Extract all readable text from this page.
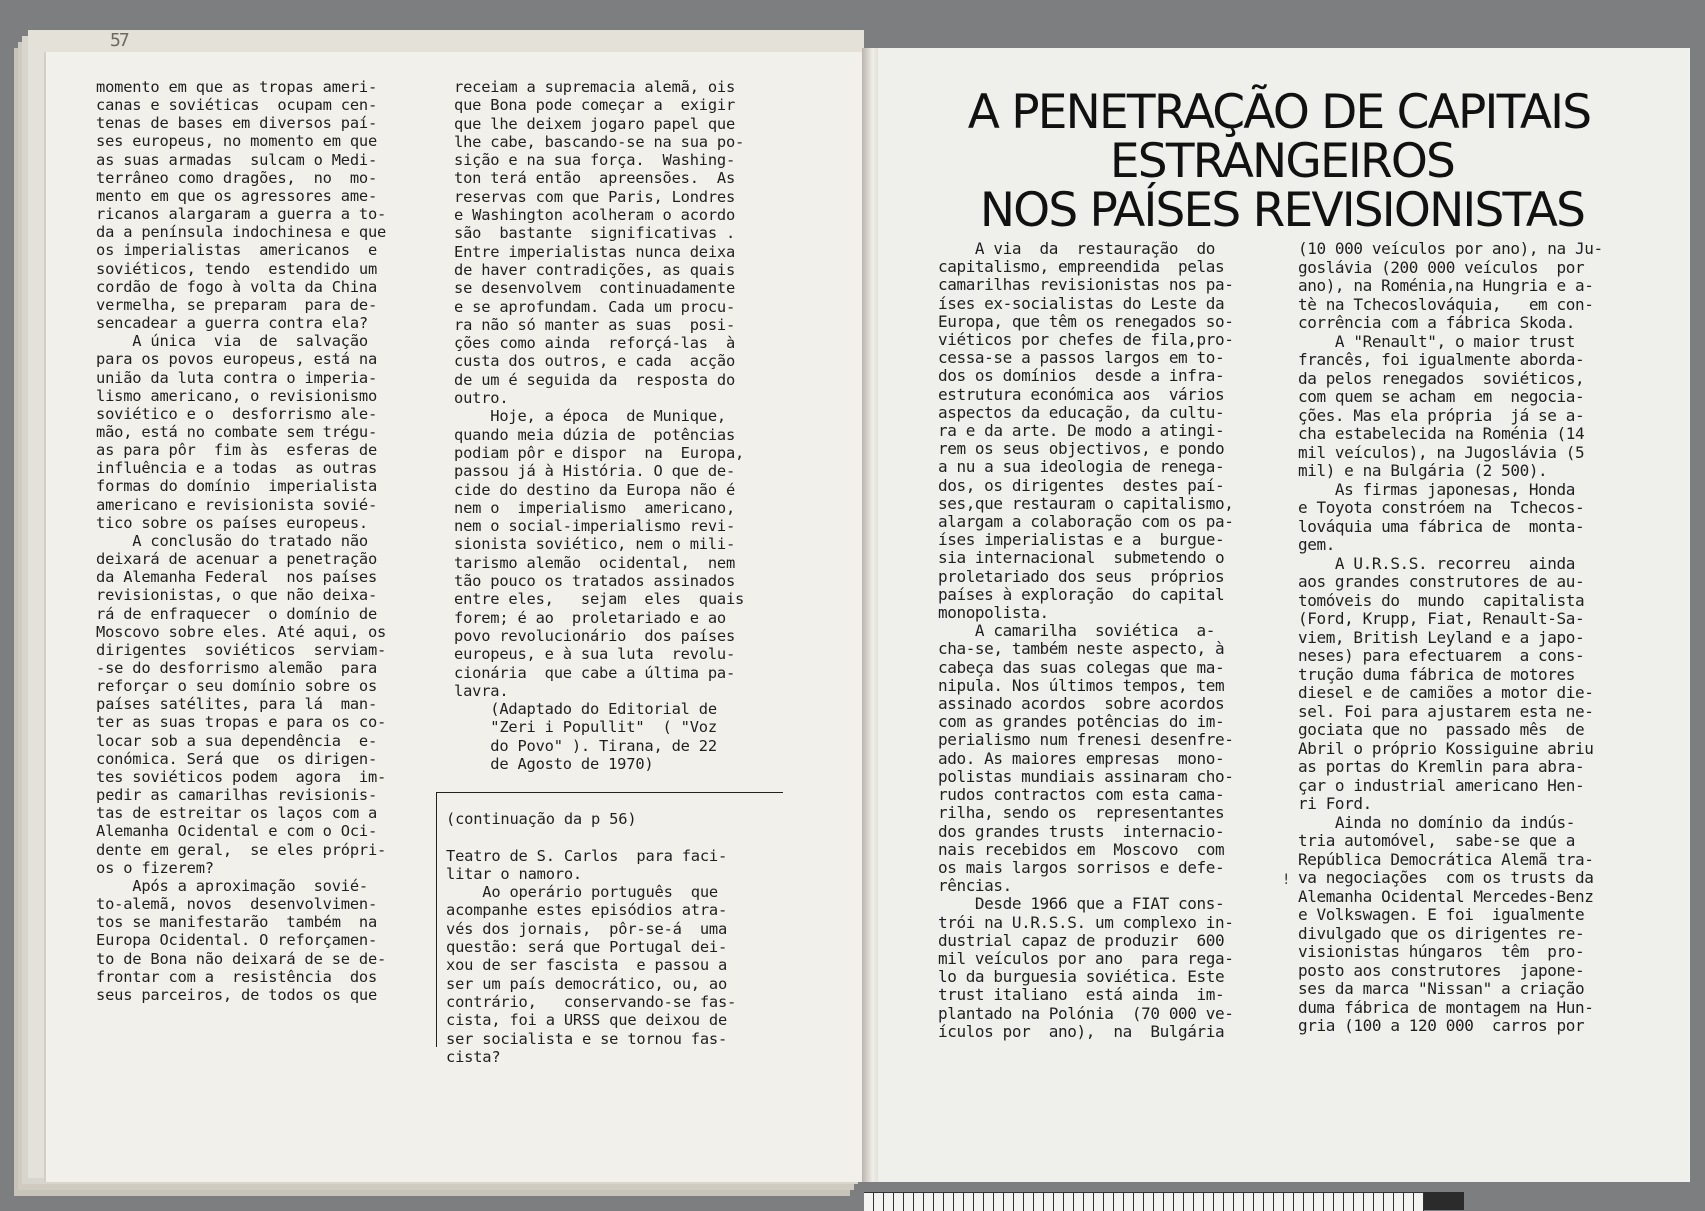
57
momento em que as tropas ameri-
canas e soviéticas  ocupam cen-
tenas de bases em diversos paí-
ses europeus, no momento em que
as suas armadas  sulcam o Medi-
terrâneo como dragões,  no  mo-
mento em que os agressores ame-
ricanos alargaram a guerra a to-
da a península indochinesa e que
os imperialistas  americanos  e
soviéticos, tendo  estendido um
cordão de fogo à volta da China
vermelha, se preparam  para de-
sencadear a guerra contra ela?
A única  via  de  salvação
para os povos europeus, está na
união da luta contra o imperia-
lismo americano, o revisionismo
soviético e o  desforrismo ale-
mão, está no combate sem trégu-
as para pôr  fim às  esferas de
influência e a todas  as outras
formas do domínio  imperialista
americano e revisionista sovié-
tico sobre os países europeus.
A conclusão do tratado não
deixará de acenuar a penetração
da Alemanha Federal  nos países
revisionistas, o que não deixa-
rá de enfraquecer  o domínio de
Moscovo sobre eles. Até aqui, os
dirigentes  soviéticos  serviam-
-se do desforrismo alemão  para
reforçar o seu domínio sobre os
países satélites, para lá  man-
ter as suas tropas e para os co-
locar sob a sua dependência  e-
conómica. Será que  os dirigen-
tes soviéticos podem  agora  im-
pedir as camarilhas revisionis-
tas de estreitar os laços com a
Alemanha Ocidental e com o Oci-
dente em geral,  se eles própri-
os o fizerem?
Após a aproximação  sovié-
to-alemã, novos  desenvolvimen-
tos se manifestarão  também  na
Europa Ocidental. O reforçamen-
to de Bona não deixará de se de-
frontar com a  resistência  dos
seus parceiros, de todos os que
receiam a supremacia alemã, ois
que Bona pode começar a  exigir
que lhe deixem jogaro papel que
lhe cabe, bascando-se na sua po-
sição e na sua força.  Washing-
ton terá então  apreensões.  As
reservas com que Paris, Londres
e Washington acolheram o acordo
são  bastante  significativas .
Entre imperialistas nunca deixa
de haver contradições, as quais
se desenvolvem  continuadamente
e se aprofundam. Cada um procu-
ra não só manter as suas  posi-
ções como ainda  reforçá-las  à
custa dos outros, e cada  acção
de um é seguida da  resposta do
outro.
Hoje, a época  de Munique,
quando meia dúzia de  potências
podiam pôr e dispor  na  Europa,
passou já à História. O que de-
cide do destino da Europa não é
nem o  imperialismo  americano,
nem o social-imperialismo revi-
sionista soviético, nem o mili-
tarismo alemão  ocidental,  nem
tão pouco os tratados assinados
entre eles,   sejam  eles  quais
forem; é ao  proletariado e ao
povo revolucionário  dos países
europeus, e à sua luta  revolu-
cionária  que cabe a última pa-
lavra.
(Adaptado do Editorial de
"Zeri i Popullit"  ( "Voz
do Povo" ). Tirana, de 22
de Agosto de 1970)
(continuação da p 56)

Teatro de S. Carlos  para faci-
litar o namoro.
Ao operário português  que
acompanhe estes episódios atra-
vés dos jornais,  pôr-se-á  uma
questão: será que Portugal dei-
xou de ser fascista  e passou a
ser um país democrático, ou, ao
contrário,   conservando-se fas-
cista, foi a URSS que deixou de
ser socialista e se tornou fas-
cista?
A PENETRAÇÃO DE CAPITAIS
ESTRANGEIROS
NOS PAÍSES REVISIONISTAS
A via  da  restauração  do
capitalismo, empreendida  pelas
camarilhas revisionistas nos pa-
íses ex-socialistas do Leste da
Europa, que têm os renegados so-
viéticos por chefes de fila,pro-
cessa-se a passos largos em to-
dos os domínios  desde a infra-
estrutura económica aos  vários
aspectos da educação, da cultu-
ra e da arte. De modo a atingi-
rem os seus objectivos, e pondo
a nu a sua ideologia de renega-
dos, os dirigentes  destes paí-
ses,que restauram o capitalismo,
alargam a colaboração com os pa-
íses imperialistas e a  burgue-
sia internacional  submetendo o
proletariado dos seus  próprios
países à exploração  do capital
monopolista.
A camarilha  soviética  a-
cha-se, também neste aspecto, à
cabeça das suas colegas que ma-
nipula. Nos últimos tempos, tem
assinado acordos  sobre acordos
com as grandes potências do im-
perialismo num frenesi desenfre-
ado. As maiores empresas  mono-
polistas mundiais assinaram cho-
rudos contractos com esta cama-
rilha, sendo os  representantes
dos grandes trusts  internacio-
nais recebidos em  Moscovo  com
os mais largos sorrisos e defe-
rências.
Desde 1966 que a FIAT cons-
trói na U.R.S.S. um complexo in-
dustrial capaz de produzir  600
mil veículos por ano  para rega-
lo da burguesia soviética. Este
trust italiano  está ainda  im-
plantado na Polónia  (70 000 ve-
ículos por  ano),  na  Bulgária
(10 000 veículos por ano), na Ju-
goslávia (200 000 veículos  por
ano), na Roménia,na Hungria e a-
tè na Tchecoslováquia,   em con-
corrência com a fábrica Skoda.
A "Renault", o maior trust
francês, foi igualmente aborda-
da pelos renegados  soviéticos,
com quem se acham  em  negocia-
ções. Mas ela própria  já se a-
cha estabelecida na Roménia (14
mil veículos), na Jugoslávia (5
mil) e na Bulgária (2 500).
As firmas japonesas, Honda
e Toyota constróem na  Tchecos-
lováquia uma fábrica de  monta-
gem.
A U.R.S.S. recorreu  ainda
aos grandes construtores de au-
tomóveis do  mundo  capitalista
(Ford, Krupp, Fiat, Renault-Sa-
viem, British Leyland e a japo-
neses) para efectuarem  a cons-
trução duma fábrica de motores
diesel e de camiões a motor die-
sel. Foi para ajustarem esta ne-
gociata que no  passado mês  de
Abril o próprio Kossiguine abriu
as portas do Kremlin para abra-
çar o industrial americano Hen-
ri Ford.
Ainda no domínio da indús-
tria automóvel,  sabe-se que a
República Democrática Alemã tra-
va negociações  com os trusts da
Alemanha Ocidental Mercedes-Benz
e Volkswagen. E foi  igualmente
divulgado que os dirigentes re-
visionistas húngaros  têm  pro-
posto aos construtores  japone-
ses da marca "Nissan" a criação
duma fábrica de montagem na Hun-
gria (100 a 120 000  carros por
!
